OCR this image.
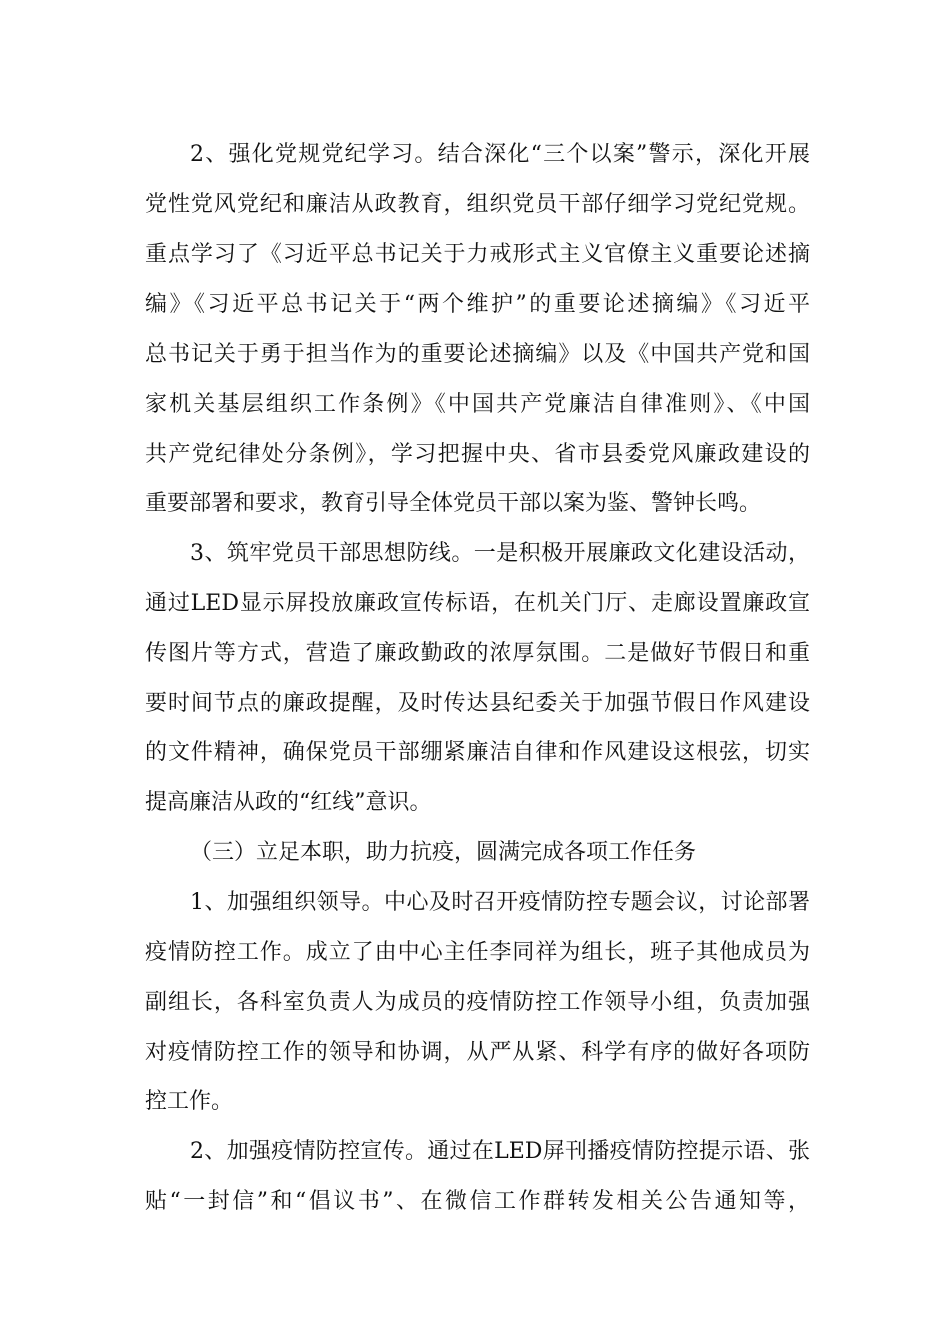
2、强化党规党纪学习。结合深化“三个以案”警示，深化开展
党性党风党纪和廉洁从政教育，组织党员干部仔细学习党纪党规。
重点学习了《习近平总书记关于力戒形式主义官僚主义重要论述摘
编》《习近平总书记关于“两个维护”的重要论述摘编》《习近平
总书记关于勇于担当作为的重要论述摘编》以及《中国共产党和国
家机关基层组织工作条例》《中国共产党廉洁自律准则》、《中国
共产党纪律处分条例》，学习把握中央、省市县委党风廉政建设的
重要部署和要求，教育引导全体党员干部以案为鉴、警钟长鸣。
3、筑牢党员干部思想防线。一是积极开展廉政文化建设活动，
通过LED显示屏投放廉政宣传标语，在机关门厅、走廊设置廉政宣
传图片等方式，营造了廉政勤政的浓厚氛围。二是做好节假日和重
要时间节点的廉政提醒，及时传达县纪委关于加强节假日作风建设
的文件精神，确保党员干部绷紧廉洁自律和作风建设这根弦，切实
提高廉洁从政的“红线”意识。
（三）立足本职，助力抗疫，圆满完成各项工作任务
1、加强组织领导。中心及时召开疫情防控专题会议，讨论部署
疫情防控工作。成立了由中心主任李同祥为组长，班子其他成员为
副组长，各科室负责人为成员的疫情防控工作领导小组，负责加强
对疫情防控工作的领导和协调，从严从紧、科学有序的做好各项防
控工作。
2、加强疫情防控宣传。通过在LED屏刊播疫情防控提示语、张
贴“一封信”和“倡议书”、在微信工作群转发相关公告通知等，
